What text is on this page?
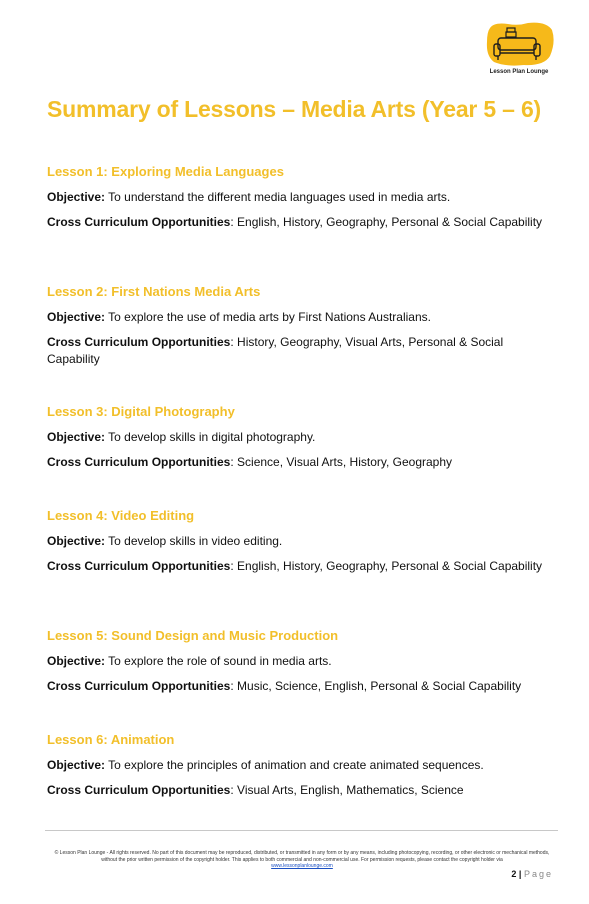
Lesson Plan Lounge
Summary of Lessons – Media Arts (Year 5 – 6)

Lesson 1: Exploring Media Languages

Objective: To understand the different media languages used in media arts.

Cross Curriculum Opportunities: English, History, Geography, Personal & Social Capability

Lesson 2: First Nations Media Arts

Objective: To explore the use of media arts by First Nations Australians.

Cross Curriculum Opportunities: History, Geography, Visual Arts, Personal & Social Capability

Lesson 3: Digital Photography

Objective: To develop skills in digital photography.

Cross Curriculum Opportunities: Science, Visual Arts, History, Geography

Lesson 4: Video Editing

Objective: To develop skills in video editing.

Cross Curriculum Opportunities: English, History, Geography, Personal & Social Capability

Lesson 5: Sound Design and Music Production

Objective: To explore the role of sound in media arts.

Cross Curriculum Opportunities: Music, Science, English, Personal & Social Capability

Lesson 6: Animation

Objective: To explore the principles of animation and create animated sequences.

Cross Curriculum Opportunities: Visual Arts, English, Mathematics, Science

© Lesson Plan Lounge - All rights reserved. No part of this document may be reproduced, distributed, or transmitted in any form or by any means, including photocopying, recording, or other electronic or mechanical methods, without the prior written permission of the copyright holder. This applies to both commercial and non-commercial use. For permission requests, please contact the copyright holder via
www.lessonplanlounge.com
2 | Page
